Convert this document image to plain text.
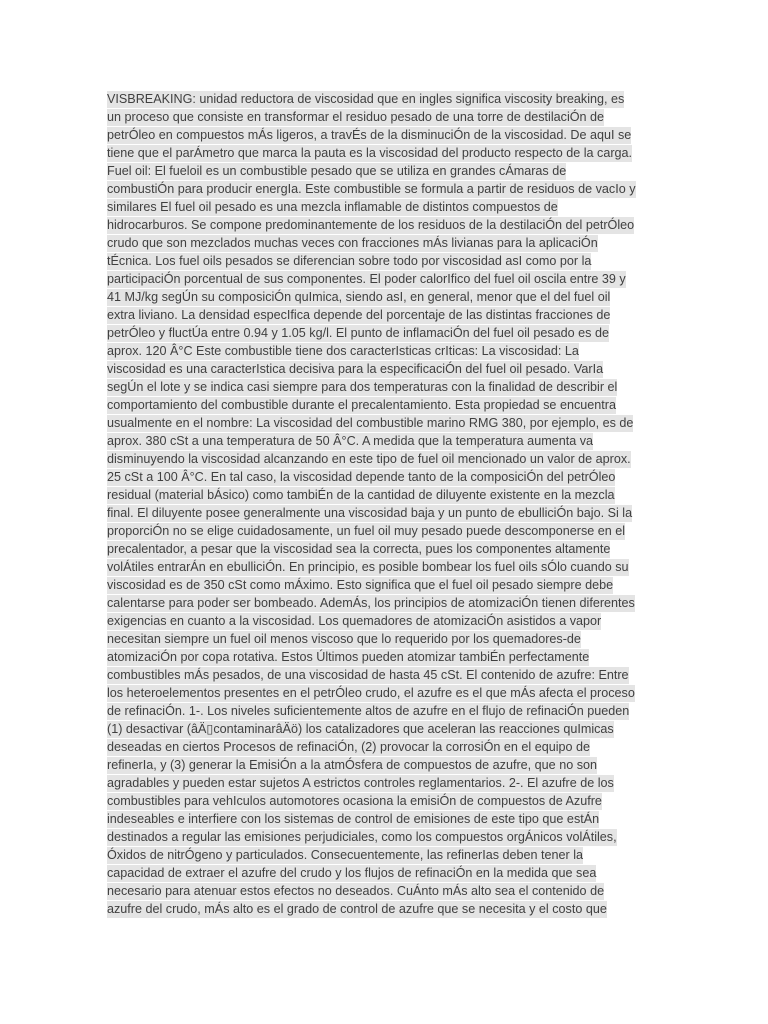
VISBREAKING: unidad reductora de viscosidad que en ingles significa viscosity breaking, es
un proceso que consiste en transformar el residuo pesado de una torre de destilaciÓn de
petrÓleo en compuestos mÁs ligeros, a travÉs de la disminuciÓn de la viscosidad. De aquI se
tiene que el parÁmetro que marca la pauta es la viscosidad del producto respecto de la carga.
Fuel oil: El fueloil es un combustible pesado que se utiliza en grandes cÁmaras de
combustiÓn para producir energIa. Este combustible se formula a partir de residuos de vacIo y
similares El fuel oil pesado es una mezcla inflamable de distintos compuestos de
hidrocarburos. Se compone predominantemente de los residuos de la destilaciÓn del petrÓleo
crudo que son mezclados muchas veces con fracciones mÁs livianas para la aplicaciÓn
tÉcnica. Los fuel oils pesados se diferencian sobre todo por viscosidad asI como por la
participaciÓn porcentual de sus componentes. El poder calorIfico del fuel oil oscila entre 39 y
41 MJ/kg segÚn su composiciÓn quImica, siendo asI, en general, menor que el del fuel oil
extra liviano. La densidad especIfica depende del porcentaje de las distintas fracciones de
petrÓleo y fluctÚa entre 0.94 y 1.05 kg/l. El punto de inflamaciÓn del fuel oil pesado es de
aprox. 120 Â°C Este combustible tiene dos caracterIsticas crIticas: La viscosidad: La
viscosidad es una caracterIstica decisiva para la especificaciÓn del fuel oil pesado. VarIa
segÚn el lote y se indica casi siempre para dos temperaturas con la finalidad de describir el
comportamiento del combustible durante el precalentamiento. Esta propiedad se encuentra
usualmente en el nombre: La viscosidad del combustible marino RMG 380, por ejemplo, es de
aprox. 380 cSt a una temperatura de 50 Â°C. A medida que la temperatura aumenta va
disminuyendo la viscosidad alcanzando en este tipo de fuel oil mencionado un valor de aprox.
25 cSt a 100 Â°C. En tal caso, la viscosidad depende tanto de la composiciÓn del petrÓleo
residual (material bÁsico) como tambiÉn de la cantidad de diluyente existente en la mezcla
final. El diluyente posee generalmente una viscosidad baja y un punto de ebulliciÓn bajo. Si la
proporciÓn no se elige cuidadosamente, un fuel oil muy pesado puede descomponerse en el
precalentador, a pesar que la viscosidad sea la correcta, pues los componentes altamente
volÁtiles entrarÁn en ebulliciÓn. En principio, es posible bombear los fuel oils sÓlo cuando su
viscosidad es de 350 cSt como mÁximo. Esto significa que el fuel oil pesado siempre debe
calentarse para poder ser bombeado. AdemÁs, los principios de atomizaciÓn tienen diferentes
exigencias en cuanto a la viscosidad. Los quemadores de atomizaciÓn asistidos a vapor
necesitan siempre un fuel oil menos viscoso que lo requerido por los quemadores-de
atomizaciÓn por copa rotativa. Estos Últimos pueden atomizar tambiÉn perfectamente
combustibles mÁs pesados, de una viscosidad de hasta 45 cSt. El contenido de azufre: Entre
los heteroelementos presentes en el petrÓleo crudo, el azufre es el que mÁs afecta el proceso
de refinaciÓn. 1-. Los niveles suficientemente altos de azufre en el flujo de refinaciÓn pueden
(1) desactivar (âÄ▯contaminarâÄö) los catalizadores que aceleran las reacciones quImicas
deseadas en ciertos Procesos de refinaciÓn, (2) provocar la corrosiÓn en el equipo de
refinerIa, y (3) generar la EmisiÓn a la atmÓsfera de compuestos de azufre, que no son
agradables y pueden estar sujetos A estrictos controles reglamentarios. 2-. El azufre de los
combustibles para vehIculos automotores ocasiona la emisiÓn de compuestos de Azufre
indeseables e interfiere con los sistemas de control de emisiones de este tipo que estÁn
destinados a regular las emisiones perjudiciales, como los compuestos orgÁnicos volÁtiles,
Óxidos de nitrÓgeno y particulados. Consecuentemente, las refinerIas deben tener la
capacidad de extraer el azufre del crudo y los flujos de refinaciÓn en la medida que sea
necesario para atenuar estos efectos no deseados. CuÁnto mÁs alto sea el contenido de
azufre del crudo, mÁs alto es el grado de control de azufre que se necesita y el costo que
